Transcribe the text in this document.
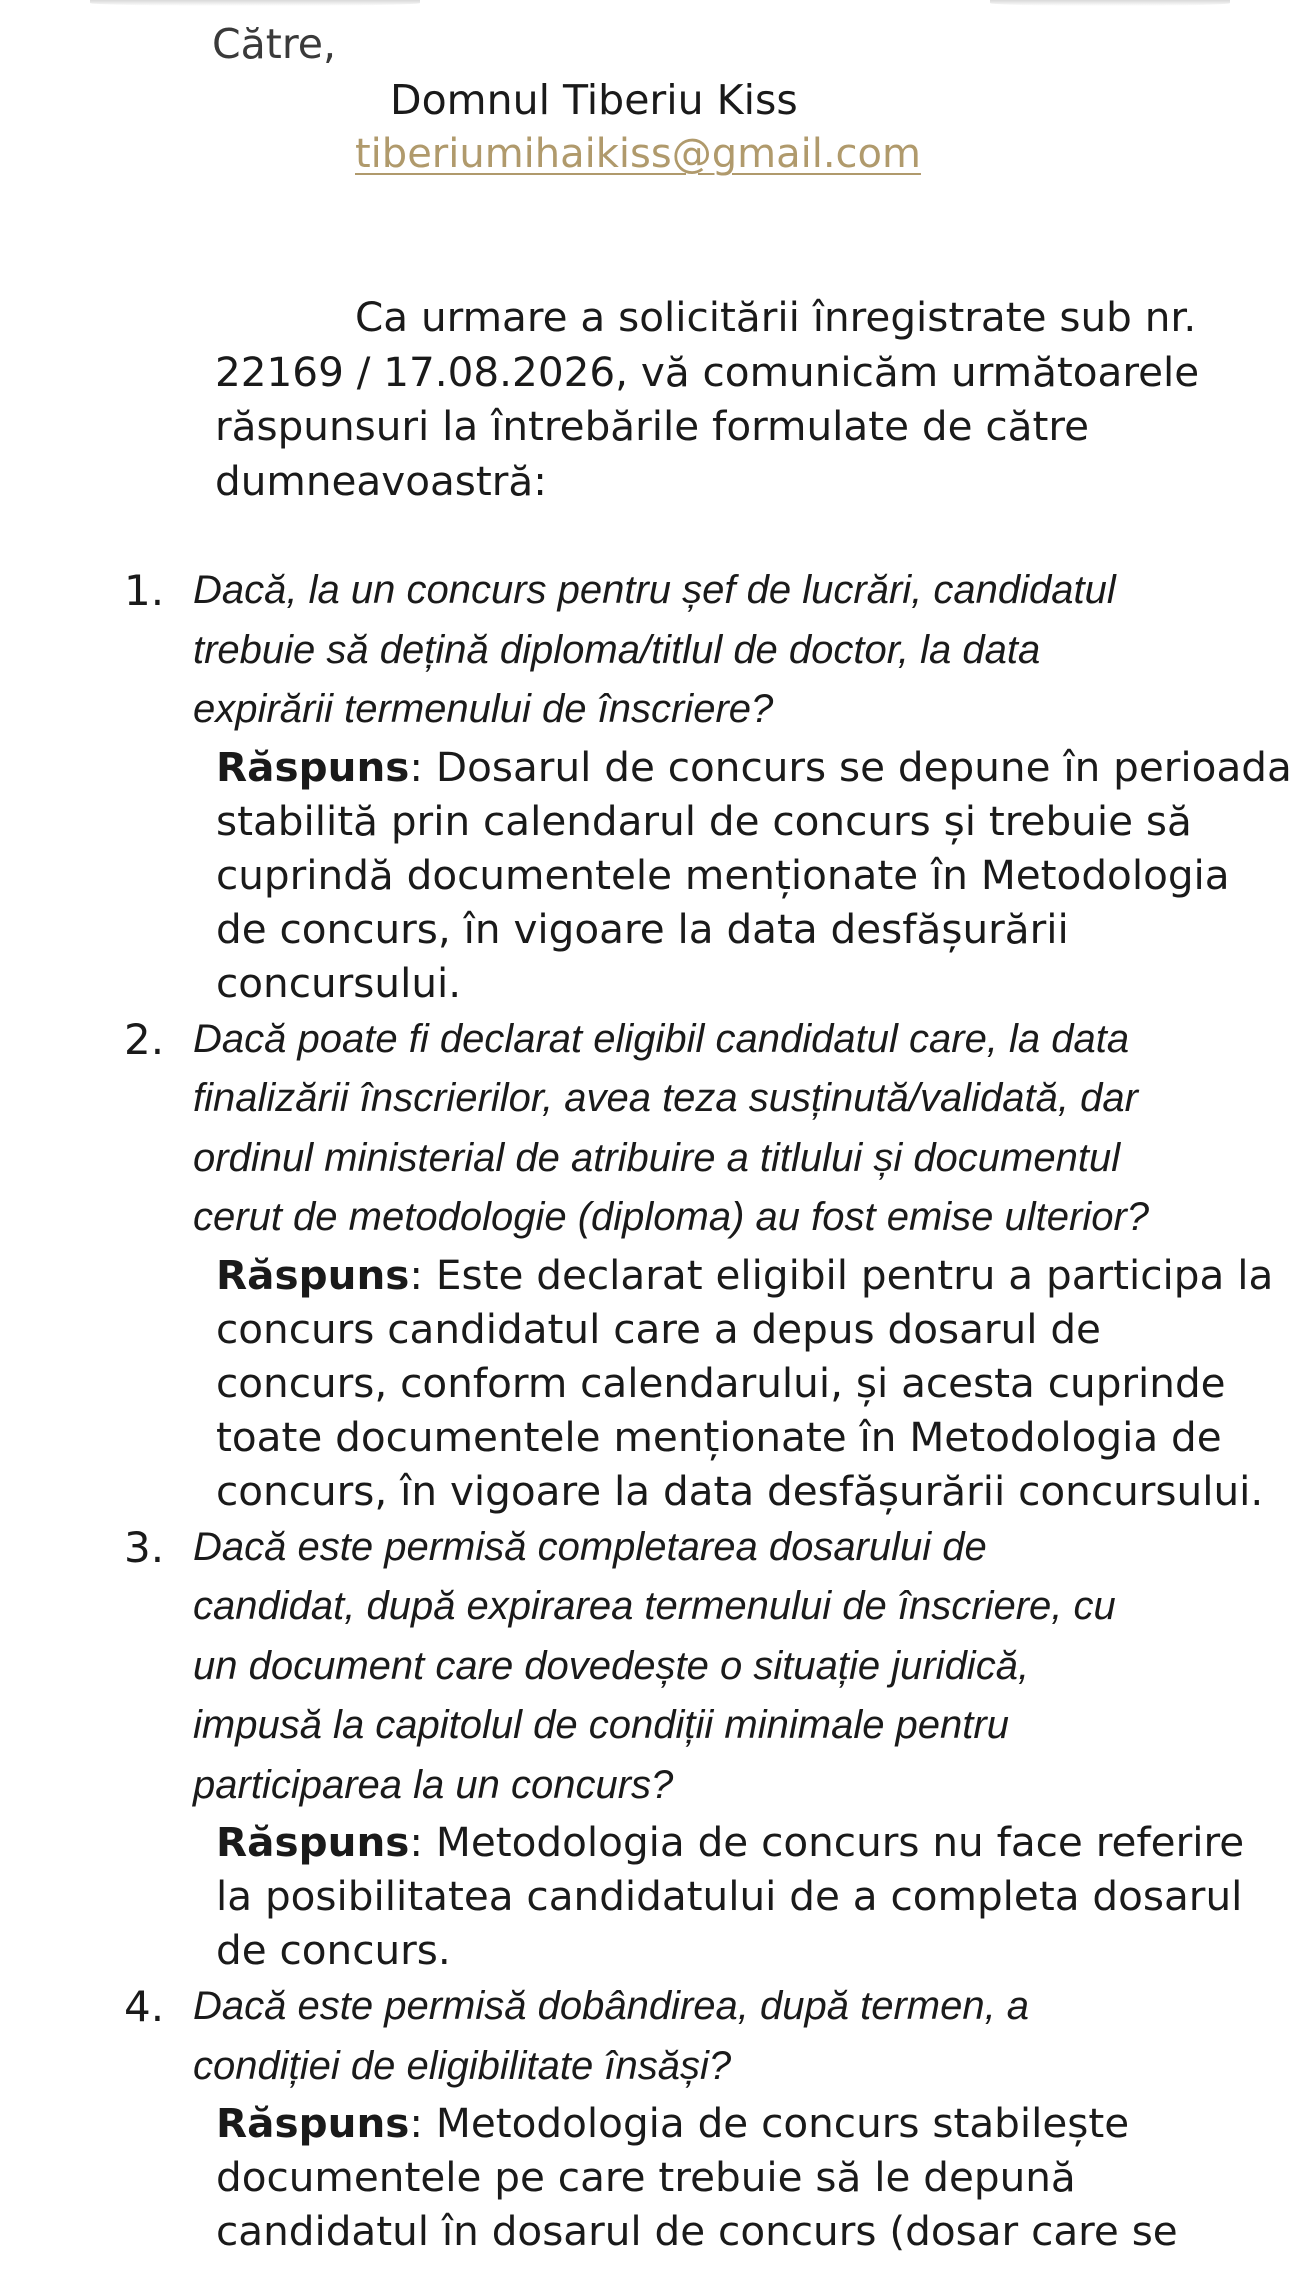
Către,
Domnul Tiberiu Kiss
tiberiumihaikiss@gmail.com

Ca urmare a solicitării înregistrate sub nr. 22169 / 17.08.2026, vă comunicăm următoarele răspunsuri la întrebările formulate de către dumneavoastră:

1. Dacă, la un concurs pentru șef de lucrări, candidatul
trebuie să dețină diploma/titlul de doctor, la data
expirării termenului de înscriere?
Răspuns: Dosarul de concurs se depune în perioada
stabilită prin calendarul de concurs și trebuie să
cuprindă documentele menționate în Metodologia
de concurs, în vigoare la data desfășurării
concursului.
2. Dacă poate fi declarat eligibil candidatul care, la data
finalizării înscrierilor, avea teza susținută/validată, dar
ordinul ministerial de atribuire a titlului și documentul
cerut de metodologie (diploma) au fost emise ulterior?
Răspuns: Este declarat eligibil pentru a participa la
concurs candidatul care a depus dosarul de
concurs, conform calendarului, și acesta cuprinde
toate documentele menționate în Metodologia de
concurs, în vigoare la data desfășurării concursului.
3. Dacă este permisă completarea dosarului de
candidat, după expirarea termenului de înscriere, cu
un document care dovedește o situație juridică,
impusă la capitolul de condiții minimale pentru
participarea la un concurs?
Răspuns: Metodologia de concurs nu face referire
la posibilitatea candidatului de a completa dosarul
de concurs.
4. Dacă este permisă dobândirea, după termen, a
condiției de eligibilitate însăși?
Răspuns: Metodologia de concurs stabilește
documentele pe care trebuie să le depună
candidatul în dosarul de concurs (dosar care se
